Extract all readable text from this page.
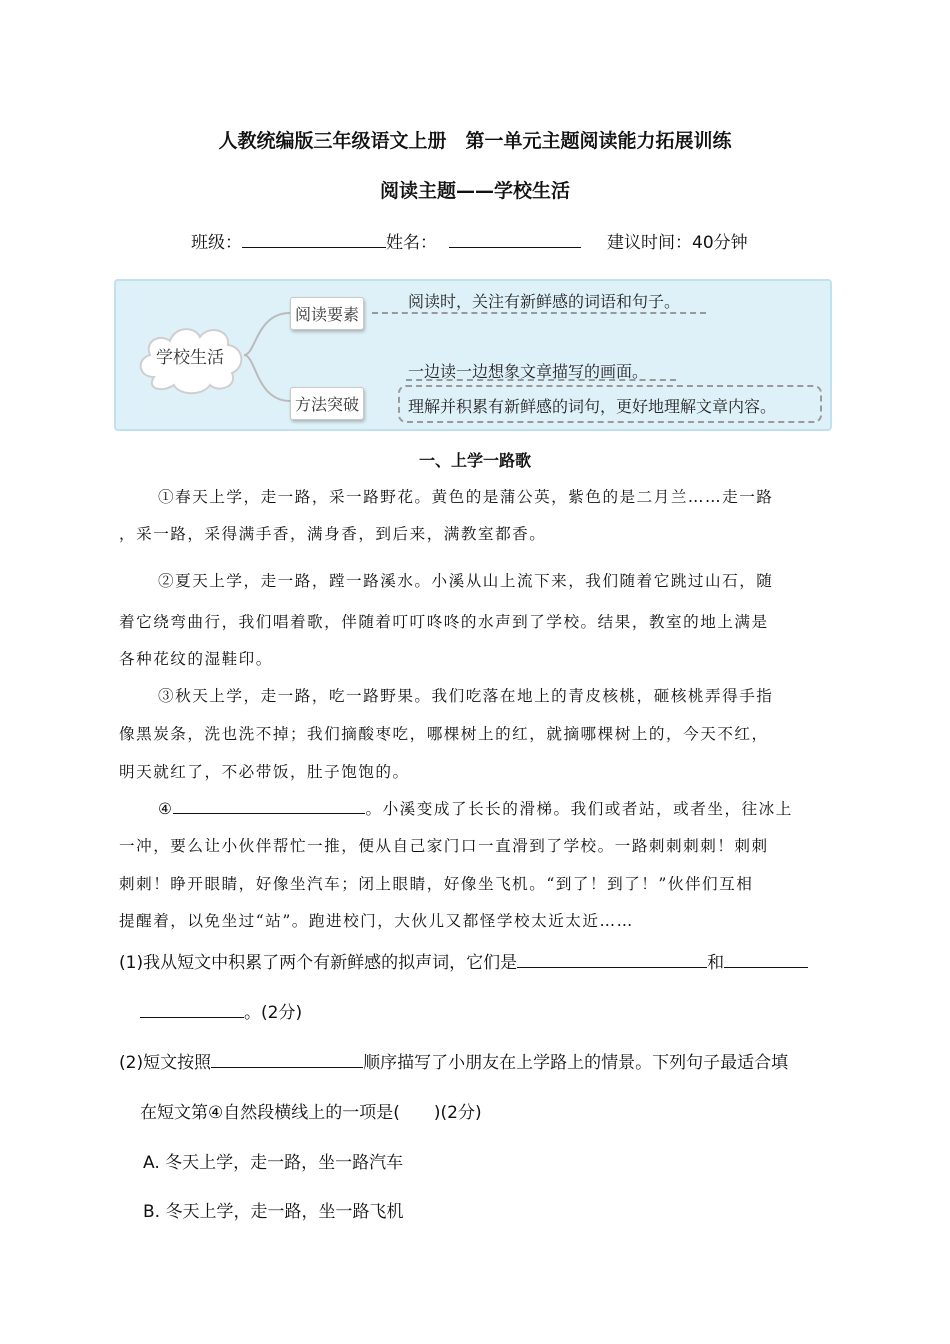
人教统编版三年级语文上册　第一单元主题阅读能力拓展训练
阅读主题——学校生活
班级：	姓名：	建议时间：40分钟
学校生活
阅读要素
阅读时，关注有新鲜感的词语和句子。
方法突破
一边读一边想象文章描写的画面。
理解并积累有新鲜感的词句，更好地理解文章内容。
一、上学一路歌
①春天上学，走一路，采一路野花。黄色的是蒲公英，紫色的是二月兰……走一路
，采一路，采得满手香，满身香，到后来，满教室都香。
②夏天上学，走一路，蹚一路溪水。小溪从山上流下来，我们随着它跳过山石，随
着它绕弯曲行，我们唱着歌，伴随着叮叮咚咚的水声到了学校。结果，教室的地上满是
各种花纹的湿鞋印。
③秋天上学，走一路，吃一路野果。我们吃落在地上的青皮核桃，砸核桃弄得手指
像黑炭条，洗也洗不掉；我们摘酸枣吃，哪棵树上的红，就摘哪棵树上的，今天不红，
明天就红了，不必带饭，肚子饱饱的。
④	。小溪变成了长长的滑梯。我们或者站，或者坐，往冰上
一冲，要么让小伙伴帮忙一推，便从自己家门口一直滑到了学校。一路刺刺刺刺！刺刺
刺刺！睁开眼睛，好像坐汽车；闭上眼睛，好像坐飞机。“到了！到了！”伙伴们互相
提醒着，以免坐过“站”。跑进校门，大伙儿又都怪学校太近太近……
(1)我从短文中积累了两个有新鲜感的拟声词，它们是	和
。(2分)
(2)短文按照	顺序描写了小朋友在上学路上的情景。下列句子最适合填
在短文第④自然段横线上的一项是(　　)(2分)
A. 冬天上学，走一路，坐一路汽车
B. 冬天上学，走一路，坐一路飞机
